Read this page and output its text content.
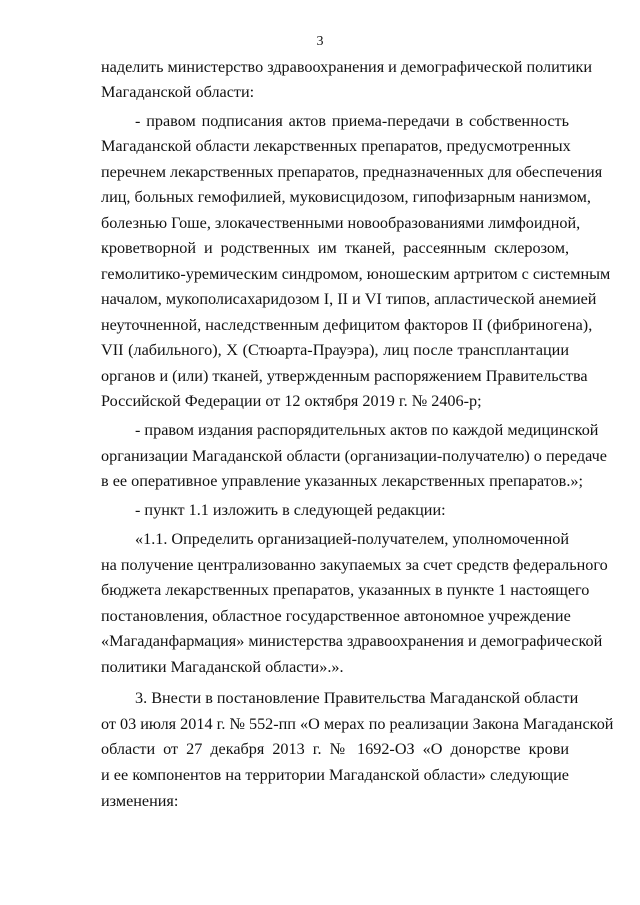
3
наделить министерство здравоохранения и демографической политики
Магаданской области:
- правом подписания актов приема-передачи в собственность
Магаданской области лекарственных препаратов, предусмотренных
перечнем лекарственных препаратов, предназначенных для обеспечения
лиц, больных гемофилией, муковисцидозом, гипофизарным нанизмом,
болезнью Гоше, злокачественными новообразованиями лимфоидной,
кроветворной и родственных им тканей, рассеянным склерозом,
гемолитико-уремическим синдромом, юношеским артритом с системным
началом, мукополисахаридозом I, II и VI типов, апластической анемией
неуточненной, наследственным дефицитом факторов II (фибриногена),
VII (лабильного), X (Стюарта-Прауэра), лиц после трансплантации
органов и (или) тканей, утвержденным распоряжением Правительства
Российской Федерации от 12 октября 2019 г. № 2406-р;
- правом издания распорядительных актов по каждой медицинской
организации Магаданской области (организации-получателю) о передаче
в ее оперативное управление указанных лекарственных препаратов.»;
- пункт 1.1 изложить в следующей редакции:
«1.1. Определить организацией-получателем, уполномоченной
на получение централизованно закупаемых за счет средств федерального
бюджета лекарственных препаратов, указанных в пункте 1 настоящего
постановления, областное государственное автономное учреждение
«Магаданфармация» министерства здравоохранения и демографической
политики Магаданской области».».
3. Внести в постановление Правительства Магаданской области
от 03 июля 2014 г. № 552-пп «О мерах по реализации Закона Магаданской
области от 27 декабря 2013 г. № 1692-ОЗ «О донорстве крови
и ее компонентов на территории Магаданской области» следующие
изменения:
